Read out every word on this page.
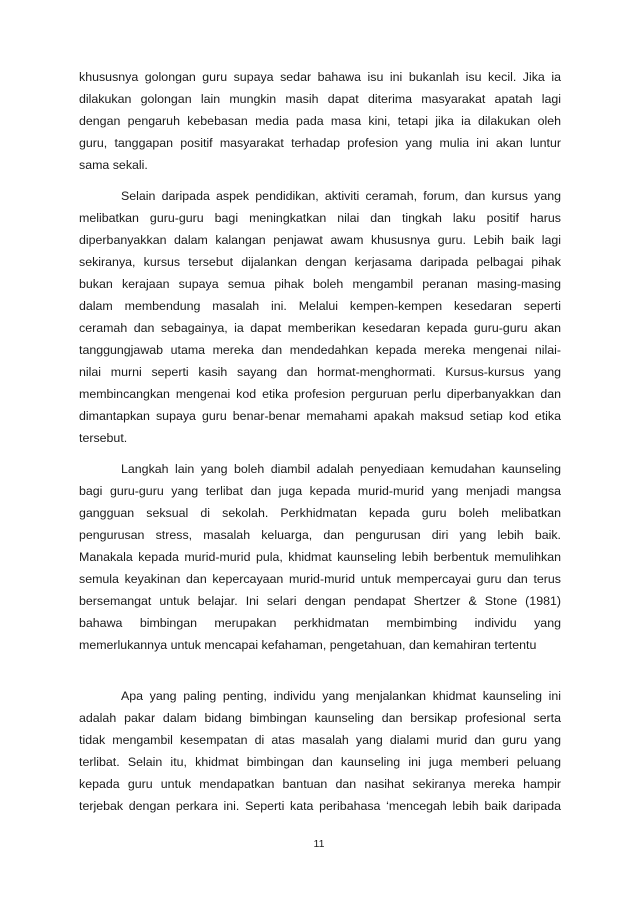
khususnya golongan guru supaya sedar bahawa isu ini bukanlah isu kecil. Jika ia
dilakukan golongan lain mungkin masih dapat diterima masyarakat apatah lagi
dengan pengaruh kebebasan media pada masa kini, tetapi jika ia dilakukan oleh
guru, tanggapan positif masyarakat terhadap profesion yang mulia ini akan luntur
sama sekali.
Selain daripada aspek pendidikan, aktiviti ceramah, forum, dan kursus yang
melibatkan guru-guru bagi meningkatkan nilai dan tingkah laku positif harus
diperbanyakkan dalam kalangan penjawat awam khususnya guru. Lebih baik lagi
sekiranya, kursus tersebut dijalankan dengan kerjasama daripada pelbagai pihak
bukan kerajaan supaya semua pihak boleh mengambil peranan masing-masing
dalam membendung masalah ini. Melalui kempen-kempen kesedaran seperti
ceramah dan sebagainya, ia dapat memberikan kesedaran kepada guru-guru akan
tanggungjawab utama mereka dan mendedahkan kepada mereka mengenai nilai-
nilai murni seperti kasih sayang dan hormat-menghormati. Kursus-kursus yang
membincangkan mengenai kod etika profesion perguruan perlu diperbanyakkan dan
dimantapkan supaya guru benar-benar memahami apakah maksud setiap kod etika
tersebut.
Langkah lain yang boleh diambil adalah penyediaan kemudahan kaunseling
bagi guru-guru yang terlibat dan juga kepada murid-murid yang menjadi mangsa
gangguan seksual di sekolah. Perkhidmatan kepada guru boleh melibatkan
pengurusan stress, masalah keluarga, dan pengurusan diri yang lebih baik.
Manakala kepada murid-murid pula, khidmat kaunseling lebih berbentuk memulihkan
semula keyakinan dan kepercayaan murid-murid untuk mempercayai guru dan terus
bersemangat untuk belajar. Ini selari dengan pendapat Shertzer & Stone (1981)
bahawa bimbingan merupakan perkhidmatan membimbing individu yang
memerlukannya untuk mencapai kefahaman, pengetahuan, dan kemahiran tertentu
Apa yang paling penting, individu yang menjalankan khidmat kaunseling ini
adalah pakar dalam bidang bimbingan kaunseling dan bersikap profesional serta
tidak mengambil kesempatan di atas masalah yang dialami murid dan guru yang
terlibat. Selain itu, khidmat bimbingan dan kaunseling ini juga memberi peluang
kepada guru untuk mendapatkan bantuan dan nasihat sekiranya mereka hampir
terjebak dengan perkara ini. Seperti kata peribahasa ‘mencegah lebih baik daripada
11
